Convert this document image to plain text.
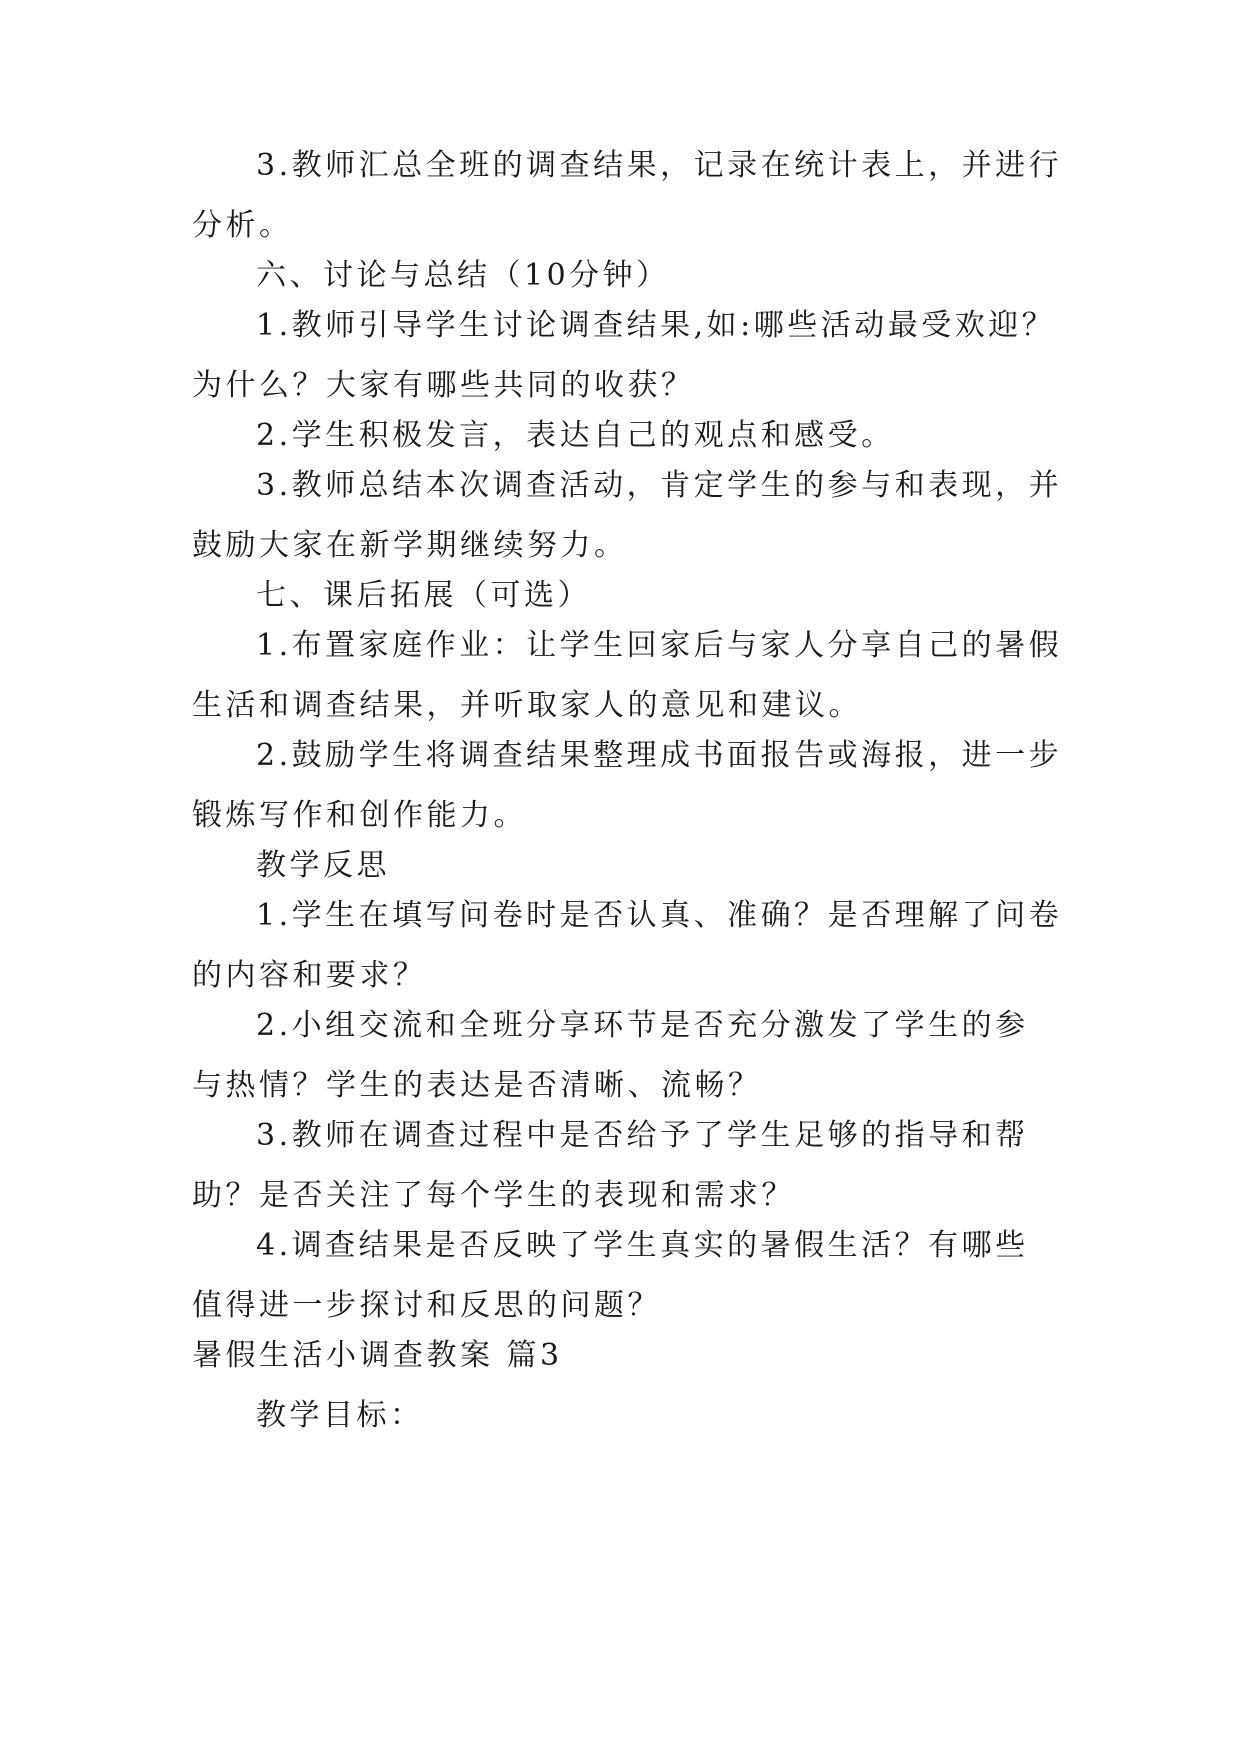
3.教师汇总全班的调查结果，记录在统计表上，并进行
分析。

六、讨论与总结（10分钟）

1.教师引导学生讨论调查结果,如:哪些活动最受欢迎？
为什么？大家有哪些共同的收获？

2.学生积极发言，表达自己的观点和感受。

3.教师总结本次调查活动，肯定学生的参与和表现，并
鼓励大家在新学期继续努力。

七、课后拓展（可选）

1.布置家庭作业：让学生回家后与家人分享自己的暑假
生活和调查结果，并听取家人的意见和建议。

2.鼓励学生将调查结果整理成书面报告或海报，进一步
锻炼写作和创作能力。

教学反思

1.学生在填写问卷时是否认真、准确？是否理解了问卷
的内容和要求？

2.小组交流和全班分享环节是否充分激发了学生的参
与热情？学生的表达是否清晰、流畅？

3.教师在调查过程中是否给予了学生足够的指导和帮
助？是否关注了每个学生的表现和需求？

4.调查结果是否反映了学生真实的暑假生活？有哪些
值得进一步探讨和反思的问题？

暑假生活小调查教案 篇3

教学目标：
